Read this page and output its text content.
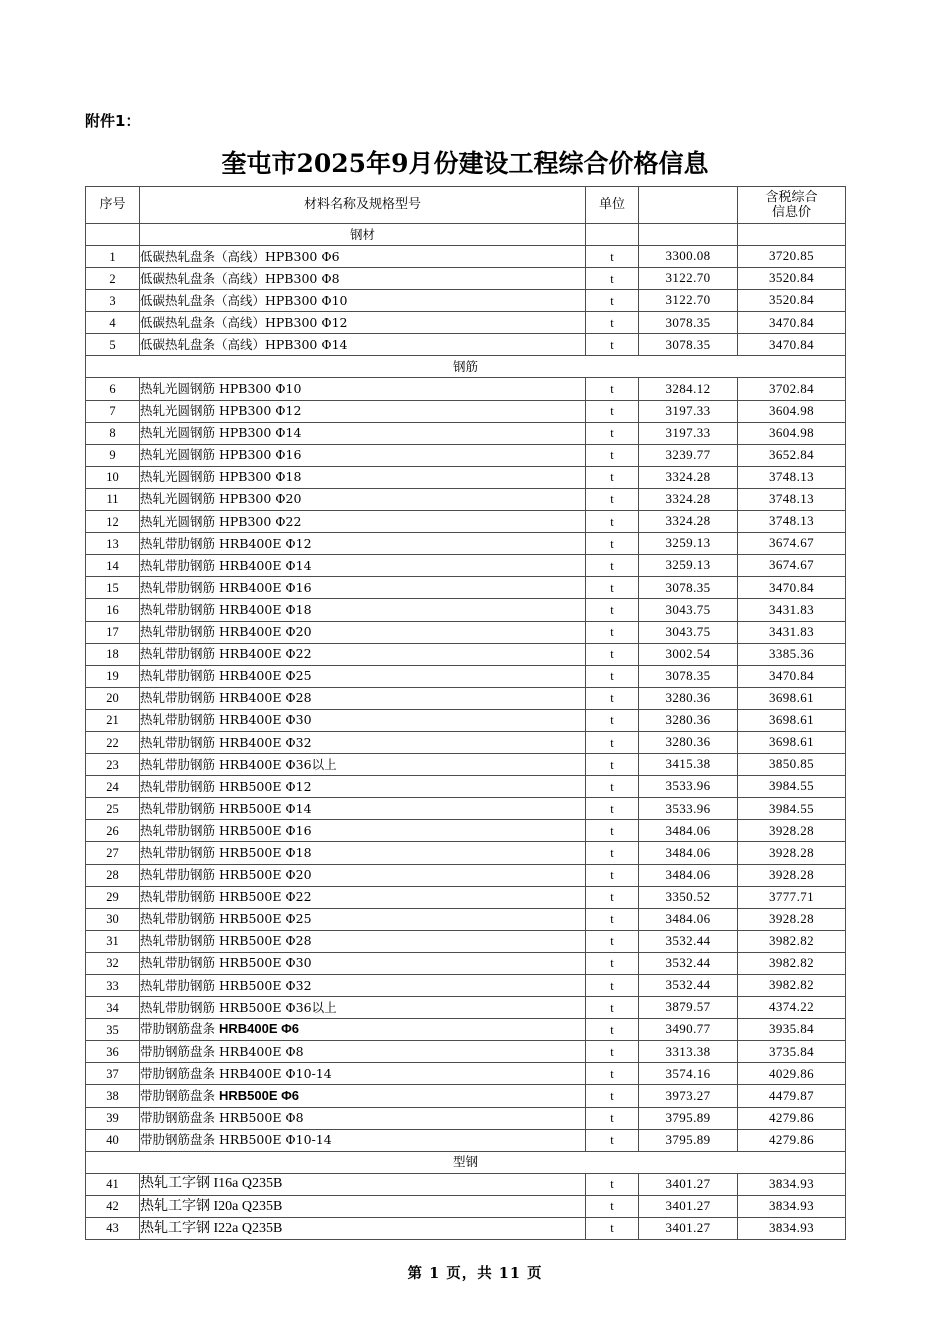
附件1：
奎屯市2025年9月份建设工程综合价格信息
序号	材料名称及规格型号	单位		含税综合
信息价

	钢材			
1	低碳热轧盘条（高线）HPB300 Φ6	t	3300.08	3720.85
2	低碳热轧盘条（高线）HPB300 Φ8	t	3122.70	3520.84
3	低碳热轧盘条（高线）HPB300 Φ10	t	3122.70	3520.84
4	低碳热轧盘条（高线）HPB300 Φ12	t	3078.35	3470.84
5	低碳热轧盘条（高线）HPB300 Φ14	t	3078.35	3470.84
钢筋				
6	热轧光圆钢筋 HPB300 Φ10	t	3284.12	3702.84
7	热轧光圆钢筋 HPB300 Φ12	t	3197.33	3604.98
8	热轧光圆钢筋 HPB300 Φ14	t	3197.33	3604.98
9	热轧光圆钢筋 HPB300 Φ16	t	3239.77	3652.84
10	热轧光圆钢筋 HPB300 Φ18	t	3324.28	3748.13
11	热轧光圆钢筋 HPB300 Φ20	t	3324.28	3748.13
12	热轧光圆钢筋 HPB300 Φ22	t	3324.28	3748.13
13	热轧带肋钢筋 HRB400E Φ12	t	3259.13	3674.67
14	热轧带肋钢筋 HRB400E Φ14	t	3259.13	3674.67
15	热轧带肋钢筋 HRB400E Φ16	t	3078.35	3470.84
16	热轧带肋钢筋 HRB400E Φ18	t	3043.75	3431.83
17	热轧带肋钢筋 HRB400E Φ20	t	3043.75	3431.83
18	热轧带肋钢筋 HRB400E Φ22	t	3002.54	3385.36
19	热轧带肋钢筋 HRB400E Φ25	t	3078.35	3470.84
20	热轧带肋钢筋 HRB400E Φ28	t	3280.36	3698.61
21	热轧带肋钢筋 HRB400E Φ30	t	3280.36	3698.61
22	热轧带肋钢筋 HRB400E Φ32	t	3280.36	3698.61
23	热轧带肋钢筋 HRB400E Φ36以上	t	3415.38	3850.85
24	热轧带肋钢筋 HRB500E Φ12	t	3533.96	3984.55
25	热轧带肋钢筋 HRB500E Φ14	t	3533.96	3984.55
26	热轧带肋钢筋 HRB500E Φ16	t	3484.06	3928.28
27	热轧带肋钢筋 HRB500E Φ18	t	3484.06	3928.28
28	热轧带肋钢筋 HRB500E Φ20	t	3484.06	3928.28
29	热轧带肋钢筋 HRB500E Φ22	t	3350.52	3777.71
30	热轧带肋钢筋 HRB500E Φ25	t	3484.06	3928.28
31	热轧带肋钢筋 HRB500E Φ28	t	3532.44	3982.82
32	热轧带肋钢筋 HRB500E Φ30	t	3532.44	3982.82
33	热轧带肋钢筋 HRB500E Φ32	t	3532.44	3982.82
34	热轧带肋钢筋 HRB500E Φ36以上	t	3879.57	4374.22
35	带肋钢筋盘条 HRB400E Φ6	t	3490.77	3935.84
36	带肋钢筋盘条 HRB400E Φ8	t	3313.38	3735.84
37	带肋钢筋盘条 HRB400E Φ10-14	t	3574.16	4029.86
38	带肋钢筋盘条 HRB500E Φ6	t	3973.27	4479.87
39	带肋钢筋盘条 HRB500E Φ8	t	3795.89	4279.86
40	带肋钢筋盘条 HRB500E Φ10-14	t	3795.89	4279.86
型钢				
41	热轧工字钢 I16a Q235B	t	3401.27	3834.93
42	热轧工字钢 I20a Q235B	t	3401.27	3834.93
43	热轧工字钢 I22a Q235B	t	3401.27	3834.93
第 1 页，共 11 页
